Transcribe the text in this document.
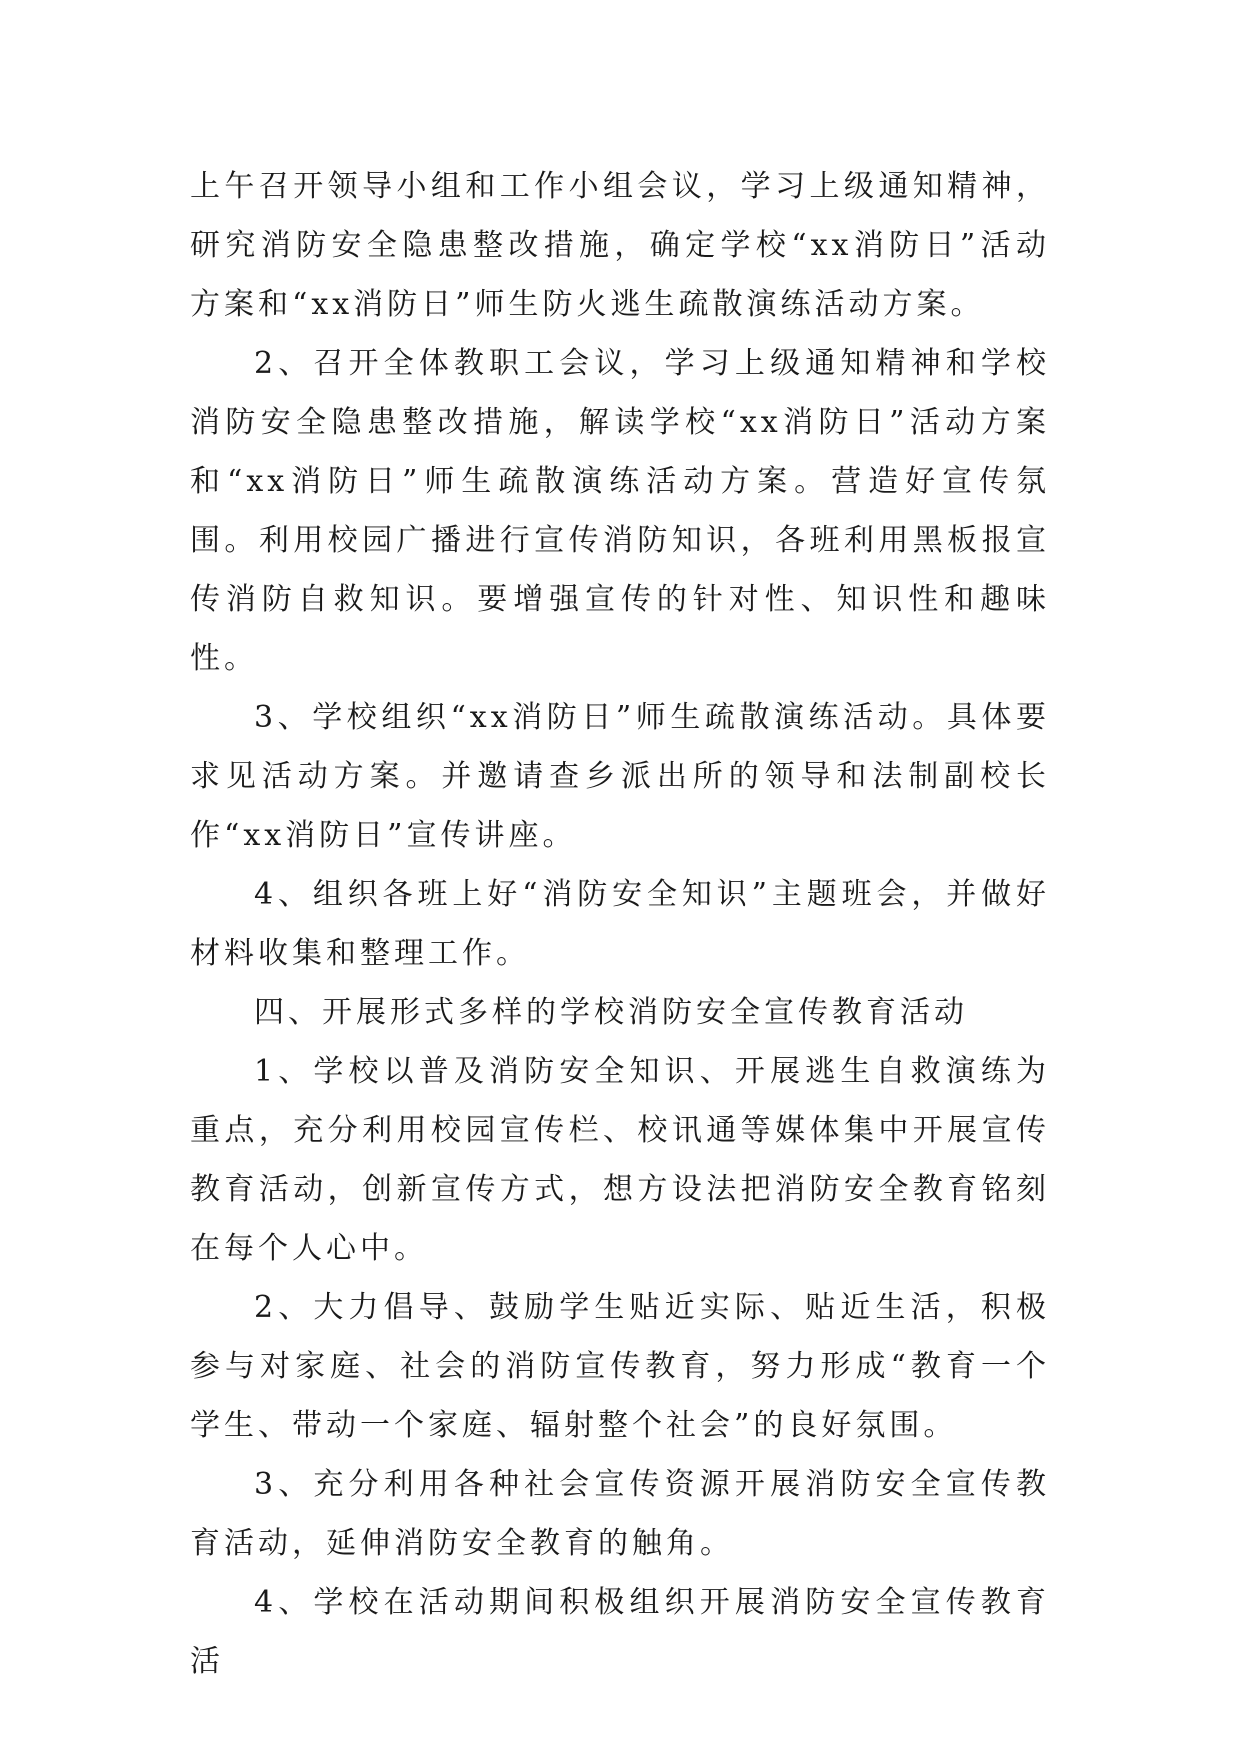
上午召开领导小组和工作小组会议，学习上级通知精神，研究消防安全隐患整改措施，确定学校“xx消防日”活动方案和“xx消防日”师生防火逃生疏散演练活动方案。

2、召开全体教职工会议，学习上级通知精神和学校消防安全隐患整改措施，解读学校“xx消防日”活动方案和“xx消防日”师生疏散演练活动方案。营造好宣传氛围。利用校园广播进行宣传消防知识，各班利用黑板报宣传消防自救知识。要增强宣传的针对性、知识性和趣味性。

3、学校组织“xx消防日”师生疏散演练活动。具体要求见活动方案。并邀请查乡派出所的领导和法制副校长作“xx消防日”宣传讲座。

4、组织各班上好“消防安全知识”主题班会，并做好材料收集和整理工作。

四、开展形式多样的学校消防安全宣传教育活动

1、学校以普及消防安全知识、开展逃生自救演练为重点，充分利用校园宣传栏、校讯通等媒体集中开展宣传教育活动，创新宣传方式，想方设法把消防安全教育铭刻在每个人心中。

2、大力倡导、鼓励学生贴近实际、贴近生活，积极参与对家庭、社会的消防宣传教育，努力形成“教育一个学生、带动一个家庭、辐射整个社会”的良好氛围。

3、充分利用各种社会宣传资源开展消防安全宣传教育活动，延伸消防安全教育的触角。

4、学校在活动期间积极组织开展消防安全宣传教育活
